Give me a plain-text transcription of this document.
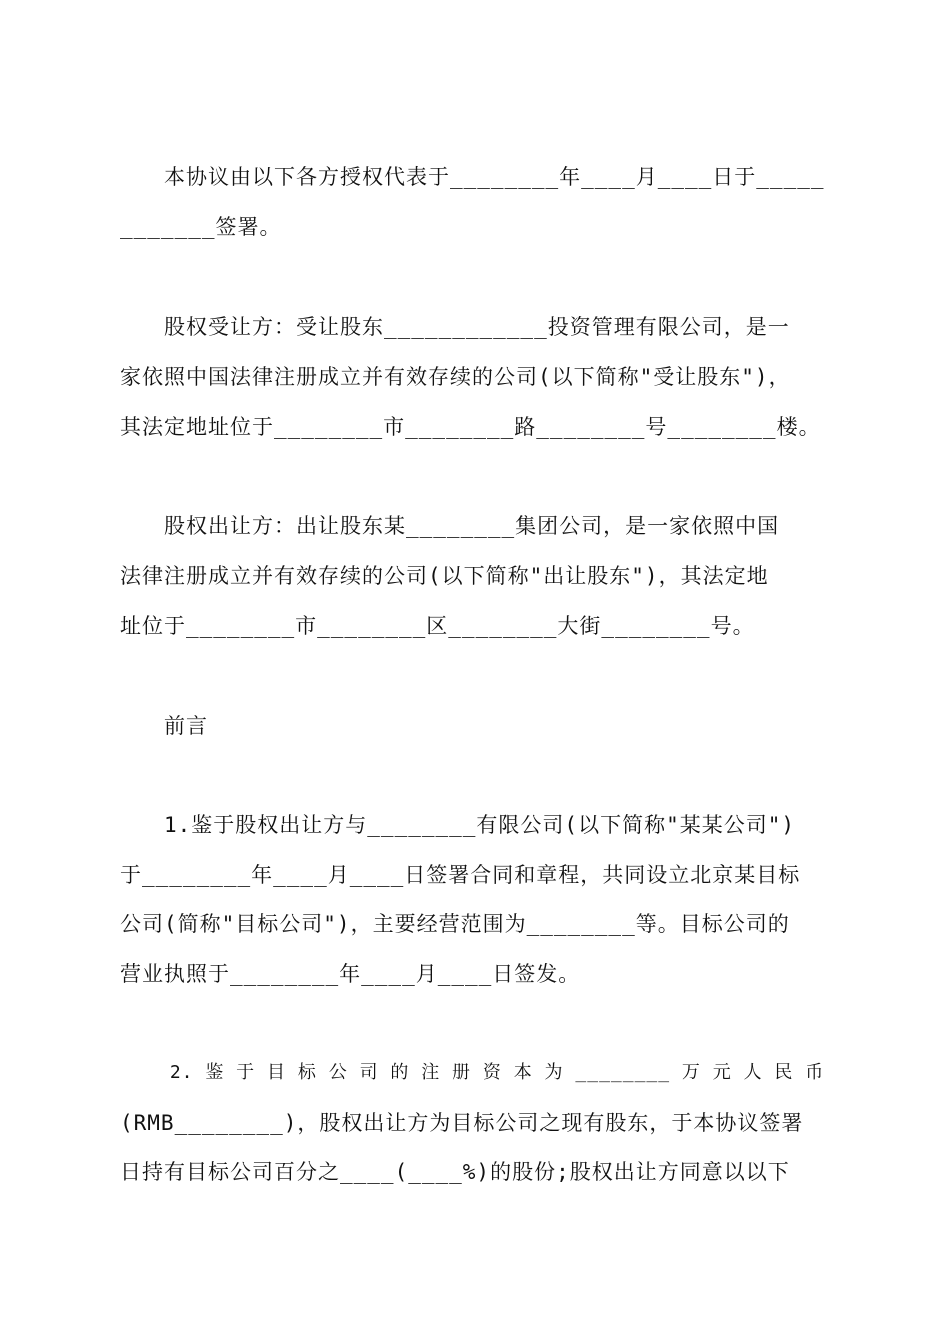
　　本协议由以下各方授权代表于________年____月____日于_____
_______签署。
　　股权受让方：受让股东____________投资管理有限公司，是一
家依照中国法律注册成立并有效存续的公司(以下简称"受让股东")，
其法定地址位于________市________路________号________楼。
　　股权出让方：出让股东某________集团公司，是一家依照中国
法律注册成立并有效存续的公司(以下简称"出让股东")，其法定地
址位于________市________区________大街________号。
　　前言
　　1.鉴于股权出让方与________有限公司(以下简称"某某公司")
于________年____月____日签署合同和章程，共同设立北京某目标
公司(简称"目标公司")，主要经营范围为________等。目标公司的
营业执照于________年____月____日签发。
　　 2. 鉴 于 目 标 公 司 的 注 册 资 本 为 ________ 万 元 人 民 币
(RMB________)，股权出让方为目标公司之现有股东，于本协议签署
日持有目标公司百分之____(____%)的股份;股权出让方同意以以下
